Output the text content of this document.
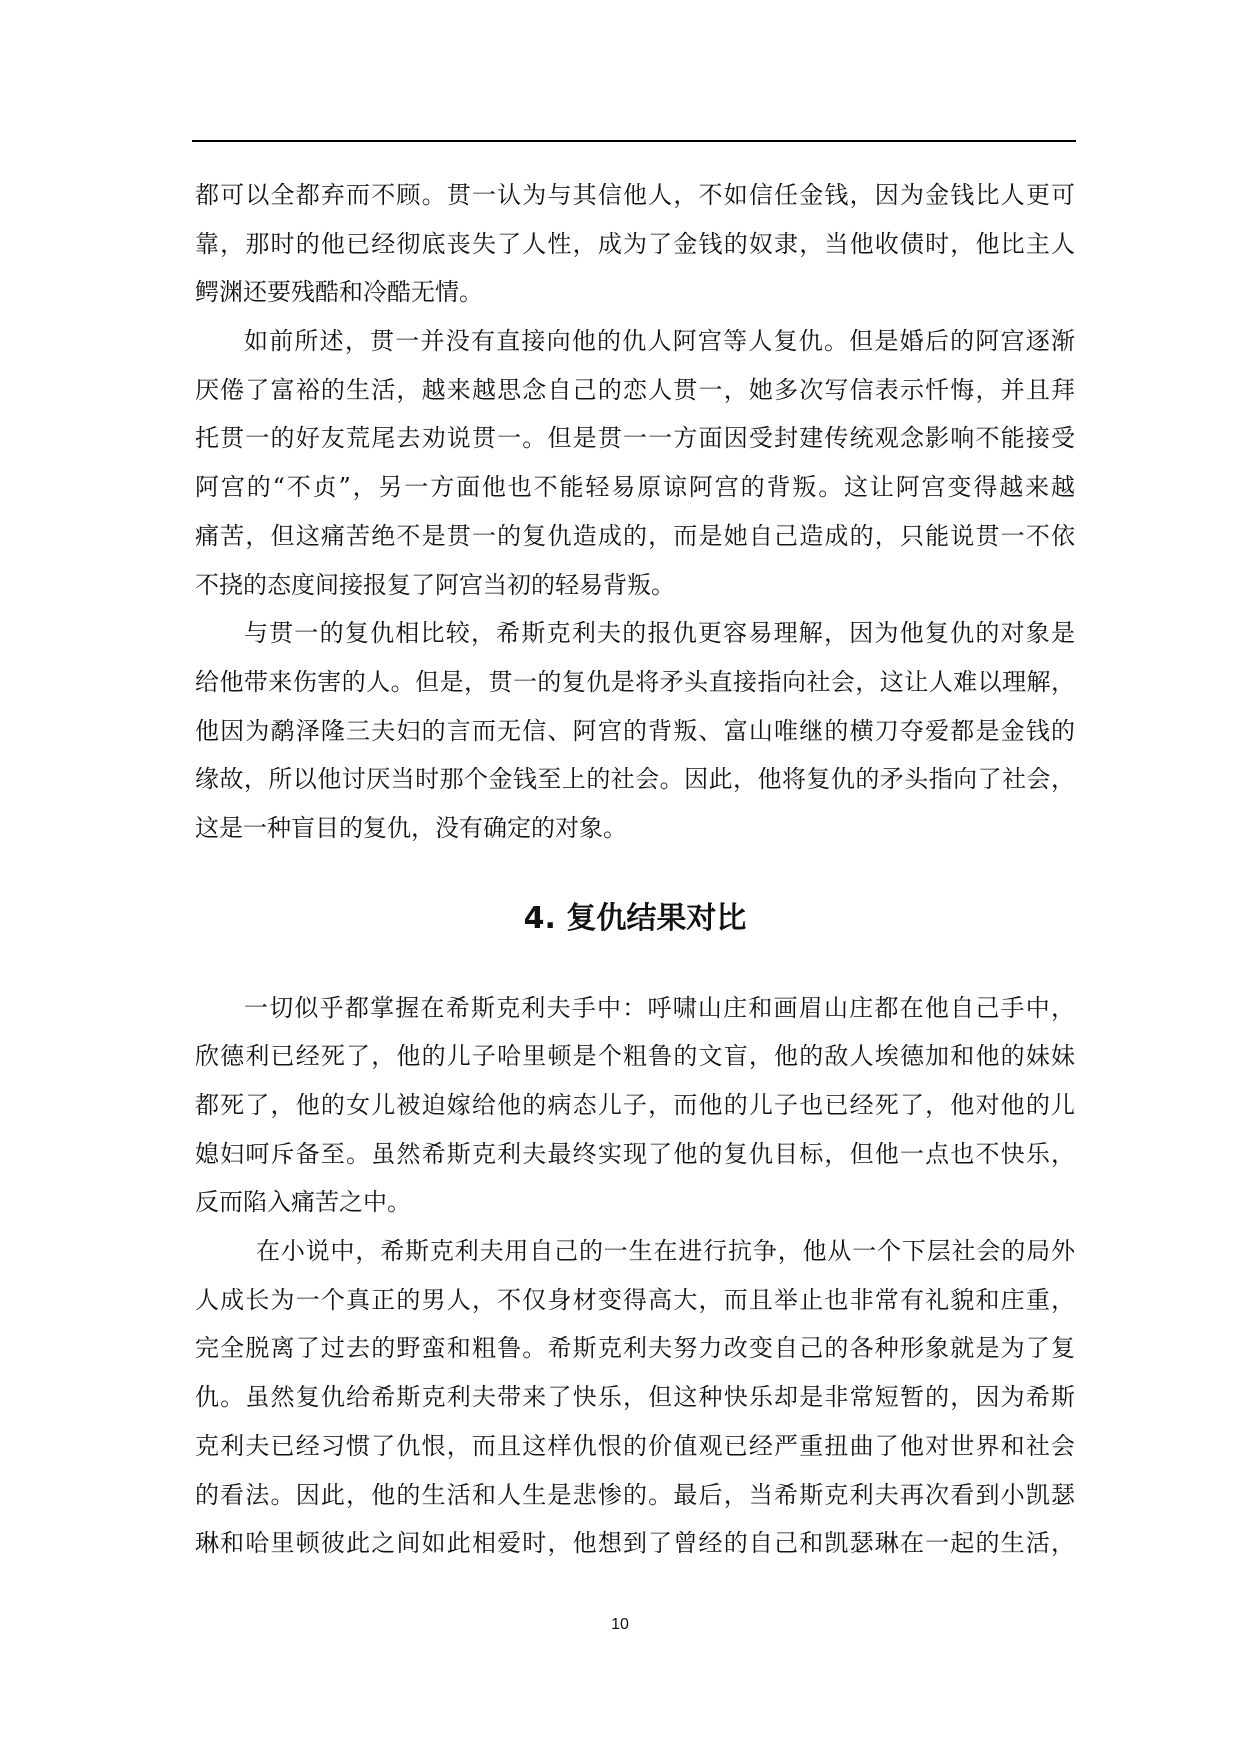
都可以全都弃而不顾。贯一认为与其信他人，不如信任金钱，因为金钱比人更可
靠，那时的他已经彻底丧失了人性，成为了金钱的奴隶，当他收债时，他比主人
鳄渊还要残酷和冷酷无情。
如前所述，贯一并没有直接向他的仇人阿宫等人复仇。但是婚后的阿宫逐渐
厌倦了富裕的生活，越来越思念自己的恋人贯一，她多次写信表示忏悔，并且拜
托贯一的好友荒尾去劝说贯一。但是贯一一方面因受封建传统观念影响不能接受
阿宫的“不贞”，另一方面他也不能轻易原谅阿宫的背叛。这让阿宫变得越来越
痛苦，但这痛苦绝不是贯一的复仇造成的，而是她自己造成的，只能说贯一不依
不挠的态度间接报复了阿宫当初的轻易背叛。
与贯一的复仇相比较，希斯克利夫的报仇更容易理解，因为他复仇的对象是
给他带来伤害的人。但是，贯一的复仇是将矛头直接指向社会，这让人难以理解，
他因为鹬泽隆三夫妇的言而无信、阿宫的背叛、富山唯继的横刀夺爱都是金钱的
缘故，所以他讨厌当时那个金钱至上的社会。因此，他将复仇的矛头指向了社会，
这是一种盲目的复仇，没有确定的对象。
4. 复仇结果对比
一切似乎都掌握在希斯克利夫手中：呼啸山庄和画眉山庄都在他自己手中，
欣德利已经死了，他的儿子哈里顿是个粗鲁的文盲，他的敌人埃德加和他的妹妹
都死了，他的女儿被迫嫁给他的病态儿子，而他的儿子也已经死了，他对他的儿
媳妇呵斥备至。虽然希斯克利夫最终实现了他的复仇目标，但他一点也不快乐，
反而陷入痛苦之中。
在小说中，希斯克利夫用自己的一生在进行抗争，他从一个下层社会的局外
人成长为一个真正的男人，不仅身材变得高大，而且举止也非常有礼貌和庄重，
完全脱离了过去的野蛮和粗鲁。希斯克利夫努力改变自己的各种形象就是为了复
仇。虽然复仇给希斯克利夫带来了快乐，但这种快乐却是非常短暂的，因为希斯
克利夫已经习惯了仇恨，而且这样仇恨的价值观已经严重扭曲了他对世界和社会
的看法。因此，他的生活和人生是悲惨的。最后，当希斯克利夫再次看到小凯瑟
琳和哈里顿彼此之间如此相爱时，他想到了曾经的自己和凯瑟琳在一起的生活，
10
